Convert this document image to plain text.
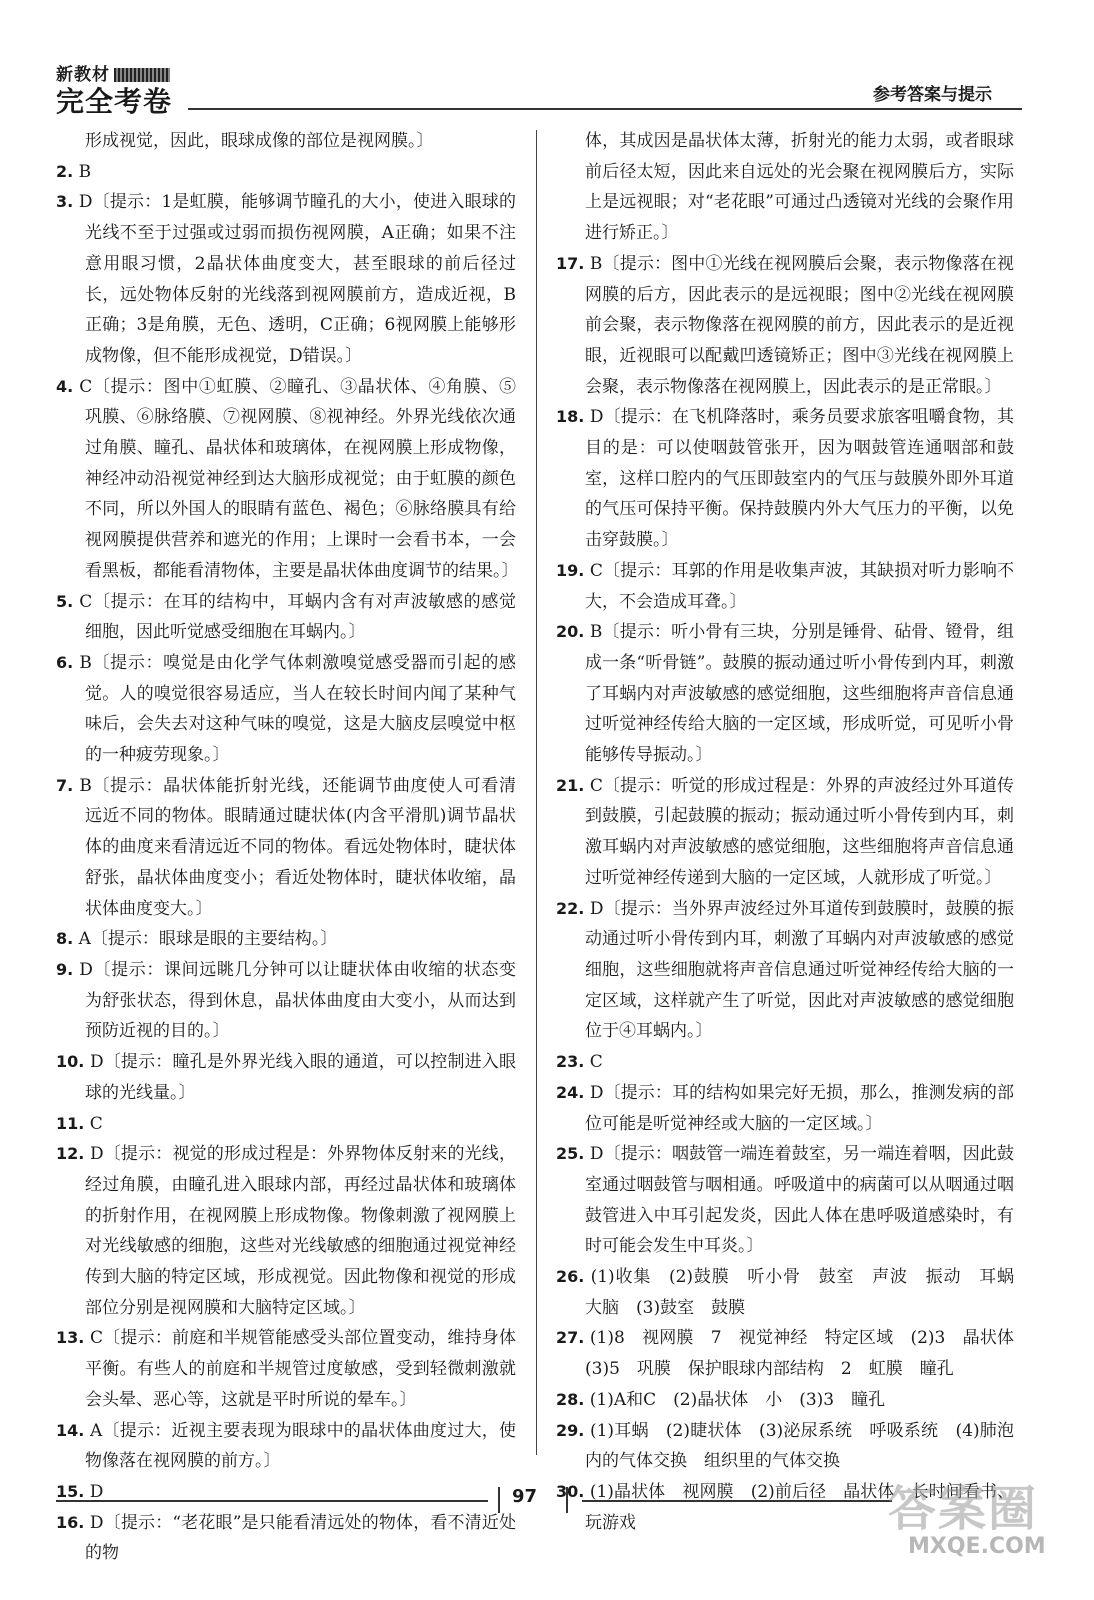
新教材
完全考卷	参考答案与提示

形成视觉，因此，眼球成像的部位是视网膜。〕

2. B

3. D〔提示：1是虹膜，能够调节瞳孔的大小，使进入眼球的光线不至于过强或过弱而损伤视网膜，A正确；如果不注意用眼习惯，2晶状体曲度变大，甚至眼球的前后径过长，远处物体反射的光线落到视网膜前方，造成近视，B正确；3是角膜，无色、透明，C正确；6视网膜上能够形成物像，但不能形成视觉，D错误。〕

4. C〔提示：图中①虹膜、②瞳孔、③晶状体、④角膜、⑤巩膜、⑥脉络膜、⑦视网膜、⑧视神经。外界光线依次通过角膜、瞳孔、晶状体和玻璃体，在视网膜上形成物像，神经冲动沿视觉神经到达大脑形成视觉；由于虹膜的颜色不同，所以外国人的眼睛有蓝色、褐色；⑥脉络膜具有给视网膜提供营养和遮光的作用；上课时一会看书本，一会看黑板，都能看清物体，主要是晶状体曲度调节的结果。〕

5. C〔提示：在耳的结构中，耳蜗内含有对声波敏感的感觉细胞，因此听觉感受细胞在耳蜗内。〕

6. B〔提示：嗅觉是由化学气体刺激嗅觉感受器而引起的感觉。人的嗅觉很容易适应，当人在较长时间内闻了某种气味后，会失去对这种气味的嗅觉，这是大脑皮层嗅觉中枢的一种疲劳现象。〕

7. B〔提示：晶状体能折射光线，还能调节曲度使人可看清远近不同的物体。眼睛通过睫状体(内含平滑肌)调节晶状体的曲度来看清远近不同的物体。看远处物体时，睫状体舒张，晶状体曲度变小；看近处物体时，睫状体收缩，晶状体曲度变大。〕

8. A〔提示：眼球是眼的主要结构。〕

9. D〔提示：课间远眺几分钟可以让睫状体由收缩的状态变为舒张状态，得到休息，晶状体曲度由大变小，从而达到预防近视的目的。〕

10. D〔提示：瞳孔是外界光线入眼的通道，可以控制进入眼球的光线量。〕

11. C

12. D〔提示：视觉的形成过程是：外界物体反射来的光线，经过角膜，由瞳孔进入眼球内部，再经过晶状体和玻璃体的折射作用，在视网膜上形成物像。物像刺激了视网膜上对光线敏感的细胞，这些对光线敏感的细胞通过视觉神经传到大脑的特定区域，形成视觉。因此物像和视觉的形成部位分别是视网膜和大脑特定区域。〕

13. C〔提示：前庭和半规管能感受头部位置变动，维持身体平衡。有些人的前庭和半规管过度敏感，受到轻微刺激就会头晕、恶心等，这就是平时所说的晕车。〕

14. A〔提示：近视主要表现为眼球中的晶状体曲度过大，使物像落在视网膜的前方。〕

15. D

16. D〔提示：“老花眼”是只能看清远处的物体，看不清近处的物

体，其成因是晶状体太薄，折射光的能力太弱，或者眼球前后径太短，因此来自远处的光会聚在视网膜后方，实际上是远视眼；对“老花眼”可通过凸透镜对光线的会聚作用进行矫正。〕

17. B〔提示：图中①光线在视网膜后会聚，表示物像落在视网膜的后方，因此表示的是远视眼；图中②光线在视网膜前会聚，表示物像落在视网膜的前方，因此表示的是近视眼，近视眼可以配戴凹透镜矫正；图中③光线在视网膜上会聚，表示物像落在视网膜上，因此表示的是正常眼。〕

18. D〔提示：在飞机降落时，乘务员要求旅客咀嚼食物，其目的是：可以使咽鼓管张开，因为咽鼓管连通咽部和鼓室，这样口腔内的气压即鼓室内的气压与鼓膜外即外耳道的气压可保持平衡。保持鼓膜内外大气压力的平衡，以免击穿鼓膜。〕

19. C〔提示：耳郭的作用是收集声波，其缺损对听力影响不大，不会造成耳聋。〕

20. B〔提示：听小骨有三块，分别是锤骨、砧骨、镫骨，组成一条“听骨链”。鼓膜的振动通过听小骨传到内耳，刺激了耳蜗内对声波敏感的感觉细胞，这些细胞将声音信息通过听觉神经传给大脑的一定区域，形成听觉，可见听小骨能够传导振动。〕

21. C〔提示：听觉的形成过程是：外界的声波经过外耳道传到鼓膜，引起鼓膜的振动；振动通过听小骨传到内耳，刺激耳蜗内对声波敏感的感觉细胞，这些细胞将声音信息通过听觉神经传递到大脑的一定区域，人就形成了听觉。〕

22. D〔提示：当外界声波经过外耳道传到鼓膜时，鼓膜的振动通过听小骨传到内耳，刺激了耳蜗内对声波敏感的感觉细胞，这些细胞就将声音信息通过听觉神经传给大脑的一定区域，这样就产生了听觉，因此对声波敏感的感觉细胞位于④耳蜗内。〕

23. C

24. D〔提示：耳的结构如果完好无损，那么，推测发病的部位可能是听觉神经或大脑的一定区域。〕

25. D〔提示：咽鼓管一端连着鼓室，另一端连着咽，因此鼓室通过咽鼓管与咽相通。呼吸道中的病菌可以从咽通过咽鼓管进入中耳引起发炎，因此人体在患呼吸道感染时，有时可能会发生中耳炎。〕

26. (1)收集　(2)鼓膜　听小骨　鼓室　声波　振动　耳蜗　大脑　(3)鼓室　鼓膜

27. (1)8　视网膜　7　视觉神经　特定区域　(2)3　晶状体　(3)5　巩膜　保护眼球内部结构　2　虹膜　瞳孔

28. (1)A和C　(2)晶状体　小　(3)3　瞳孔

29. (1)耳蜗　(2)睫状体　(3)泌尿系统　呼吸系统　(4)肺泡内的气体交换　组织里的气体交换

30. (1)晶状体　视网膜　(2)前后径　晶状体　长时间看书、玩游戏

97	答案圈
MXQE.COM
